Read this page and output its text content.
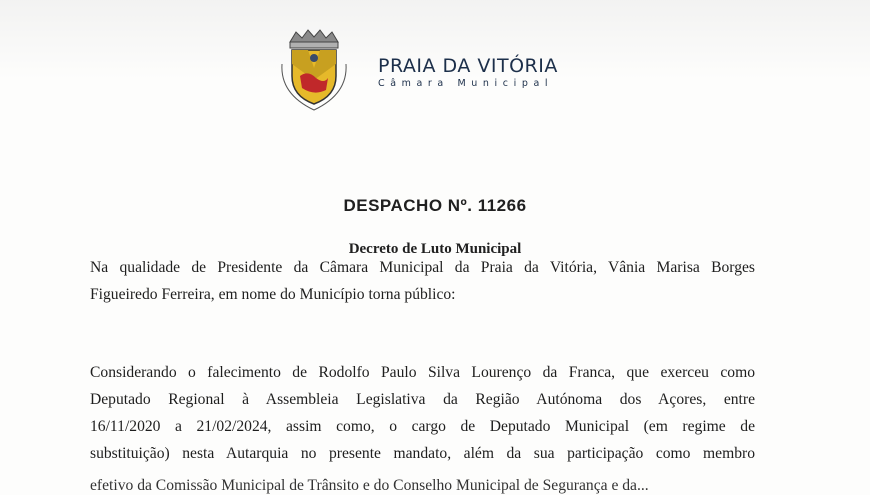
PRAIA DA VITÓRIA
Câmara Municipal
DESPACHO Nº. 11266
Decreto de Luto Municipal
Na qualidade de Presidente da Câmara Municipal da Praia da Vitória, Vânia Marisa Borges
Figueiredo Ferreira, em nome do Município torna público:
Considerando o falecimento de Rodolfo Paulo Silva Lourenço da Franca, que exerceu como
Deputado Regional à Assembleia Legislativa da Região Autónoma dos Açores, entre
16/11/2020 a 21/02/2024, assim como, o cargo de Deputado Municipal (em regime de
substituição) nesta Autarquia no presente mandato, além da sua participação como membro
efetivo da Comissão Municipal de Trânsito e do Conselho Municipal de Segurança e da...
